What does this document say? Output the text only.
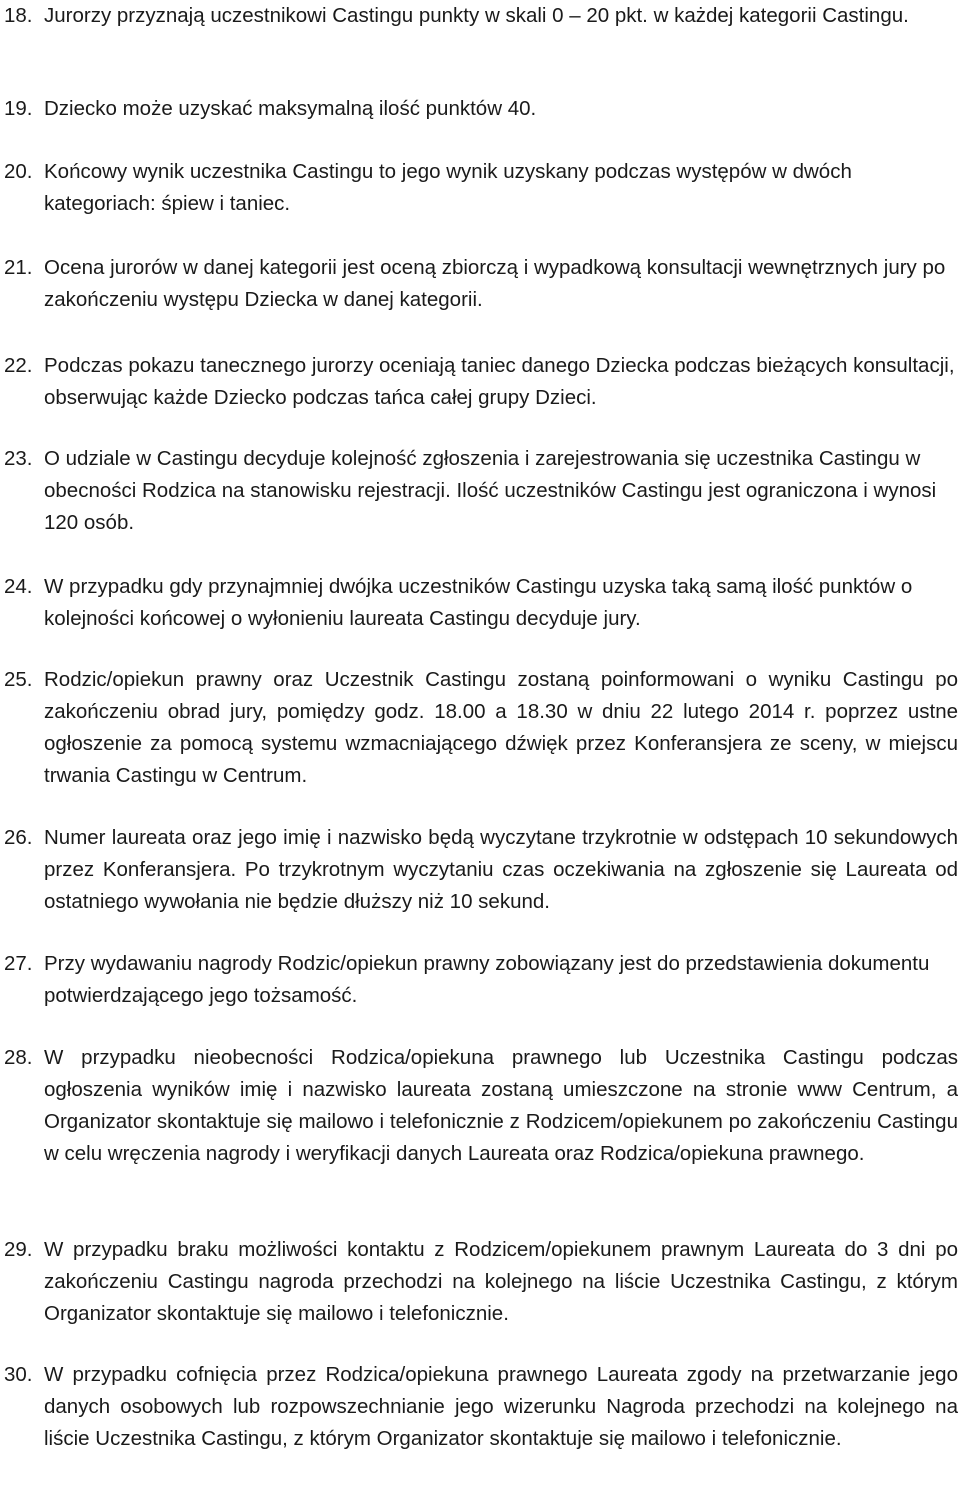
18. Jurorzy przyznają uczestnikowi Castingu punkty w skali 0 – 20 pkt. w każdej kategorii Castingu.
19. Dziecko może uzyskać maksymalną ilość punktów 40.
20. Końcowy wynik uczestnika Castingu to jego wynik uzyskany podczas występów w dwóch kategoriach: śpiew i taniec.
21. Ocena jurorów w danej kategorii jest oceną zbiorczą i wypadkową konsultacji wewnętrznych jury po zakończeniu występu Dziecka w danej kategorii.
22. Podczas pokazu tanecznego jurorzy oceniają taniec danego Dziecka podczas bieżących konsultacji, obserwując każde Dziecko podczas tańca całej grupy Dzieci.
23. O udziale w Castingu decyduje kolejność zgłoszenia i zarejestrowania się uczestnika Castingu w obecności Rodzica na stanowisku rejestracji. Ilość uczestników Castingu jest ograniczona i wynosi 120 osób.
24. W przypadku gdy przynajmniej dwójka uczestników Castingu uzyska taką samą ilość punktów o kolejności końcowej o wyłonieniu laureata Castingu decyduje jury.
25. Rodzic/opiekun prawny oraz Uczestnik Castingu zostaną poinformowani o wyniku Castingu po zakończeniu obrad jury, pomiędzy godz. 18.00 a 18.30 w dniu 22 lutego 2014 r. poprzez ustne ogłoszenie za pomocą systemu wzmacniającego dźwięk przez Konferansjera ze sceny, w miejscu trwania Castingu w Centrum.
26. Numer laureata oraz jego imię i nazwisko będą wyczytane trzykrotnie w odstępach 10 sekundowych przez Konferansjera. Po trzykrotnym wyczytaniu czas oczekiwania na zgłoszenie się Laureata od ostatniego wywołania nie będzie dłuższy niż 10 sekund.
27. Przy wydawaniu nagrody Rodzic/opiekun prawny zobowiązany jest do przedstawienia dokumentu potwierdzającego jego tożsamość.
28. W przypadku nieobecności Rodzica/opiekuna prawnego lub Uczestnika Castingu podczas ogłoszenia wyników imię i nazwisko laureata zostaną umieszczone na stronie www Centrum, a Organizator skontaktuje się mailowo i telefonicznie z Rodzicem/opiekunem po zakończeniu Castingu w celu wręczenia nagrody i weryfikacji danych Laureata oraz Rodzica/opiekuna prawnego.
29. W przypadku braku możliwości kontaktu z Rodzicem/opiekunem prawnym Laureata do 3 dni po zakończeniu Castingu nagroda przechodzi na kolejnego na liście Uczestnika Castingu, z którym Organizator skontaktuje się mailowo i telefonicznie.
30. W przypadku cofnięcia przez Rodzica/opiekuna prawnego Laureata zgody na przetwarzanie jego danych osobowych lub rozpowszechnianie jego wizerunku Nagroda przechodzi na kolejnego na liście Uczestnika Castingu, z którym Organizator skontaktuje się mailowo i telefonicznie.
